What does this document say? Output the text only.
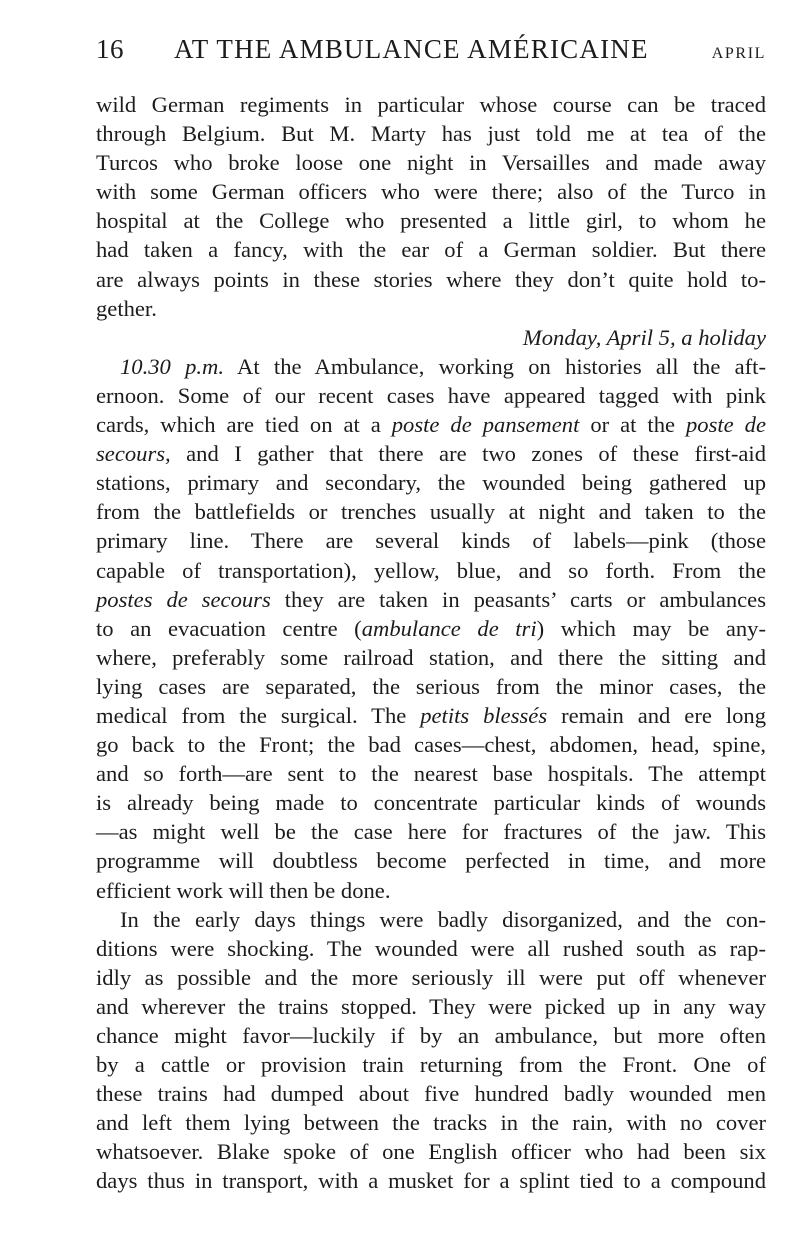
16	AT THE AMBULANCE AMÉRICAINE	APRIL
wild German regiments in particular whose course can be traced
through Belgium. But M. Marty has just told me at tea of the
Turcos who broke loose one night in Versailles and made away
with some German officers who were there; also of the Turco in
hospital at the College who presented a little girl, to whom he
had taken a fancy, with the ear of a German soldier. But there
are always points in these stories where they don’t quite hold to-
gether.
Monday, April 5, a holiday
10.30 p.m. At the Ambulance, working on histories all the aft-
ernoon. Some of our recent cases have appeared tagged with pink
cards, which are tied on at a poste de pansement or at the poste de
secours, and I gather that there are two zones of these first-aid
stations, primary and secondary, the wounded being gathered up
from the battlefields or trenches usually at night and taken to the
primary line. There are several kinds of labels—pink (those
capable of transportation), yellow, blue, and so forth. From the
postes de secours they are taken in peasants’ carts or ambulances
to an evacuation centre (ambulance de tri) which may be any-
where, preferably some railroad station, and there the sitting and
lying cases are separated, the serious from the minor cases, the
medical from the surgical. The petits blessés remain and ere long
go back to the Front; the bad cases—chest, abdomen, head, spine,
and so forth—are sent to the nearest base hospitals. The attempt
is already being made to concentrate particular kinds of wounds
—as might well be the case here for fractures of the jaw. This
programme will doubtless become perfected in time, and more
efficient work will then be done.
In the early days things were badly disorganized, and the con-
ditions were shocking. The wounded were all rushed south as rap-
idly as possible and the more seriously ill were put off whenever
and wherever the trains stopped. They were picked up in any way
chance might favor—luckily if by an ambulance, but more often
by a cattle or provision train returning from the Front. One of
these trains had dumped about five hundred badly wounded men
and left them lying between the tracks in the rain, with no cover
whatsoever. Blake spoke of one English officer who had been six
days thus in transport, with a musket for a splint tied to a compound
